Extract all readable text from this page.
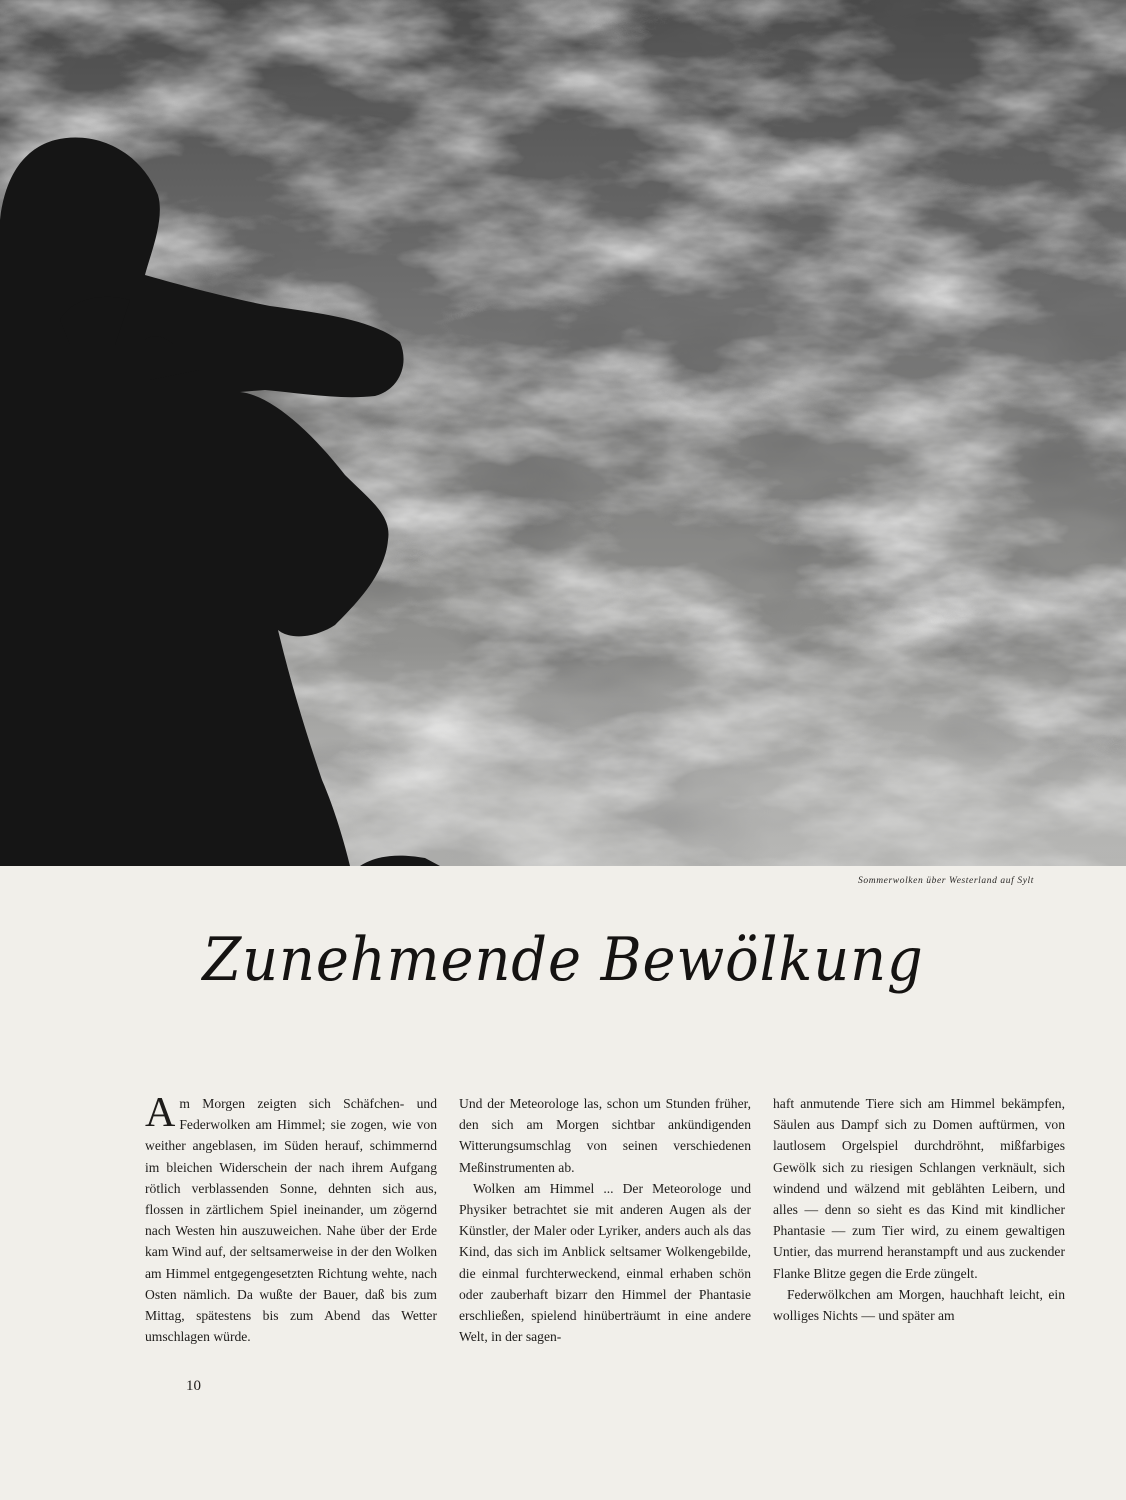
Sommerwolken über Westerland auf Sylt
Zunehmende Bewölkung

Am Morgen zeigten sich Schäfchen- und Federwolken am Himmel; sie zogen, wie von weither angeblasen, im Süden herauf, schimmernd im bleichen Widerschein der nach ihrem Aufgang rötlich verblassenden Sonne, dehnten sich aus, flossen in zärtlichem Spiel ineinander, um zögernd nach Westen hin auszuweichen. Nahe über der Erde kam Wind auf, der seltsamerweise in der den Wolken am Himmel entgegengesetzten Richtung wehte, nach Osten nämlich. Da wußte der Bauer, daß bis zum Mittag, spätestens bis zum Abend das Wetter umschlagen würde.

Und der Meteorologe las, schon um Stunden früher, den sich am Morgen sichtbar ankündigenden Witterungsumschlag von seinen verschiedenen Meßinstrumenten ab.

Wolken am Himmel ... Der Meteorologe und Physiker betrachtet sie mit anderen Augen als der Künstler, der Maler oder Lyriker, anders auch als das Kind, das sich im Anblick seltsamer Wolkengebilde, die einmal furchterweckend, einmal erhaben schön oder zauberhaft bizarr den Himmel der Phantasie erschließen, spielend hinüberträumt in eine andere Welt, in der sagen-

haft anmutende Tiere sich am Himmel bekämpfen, Säulen aus Dampf sich zu Domen auftürmen, von lautlosem Orgelspiel durchdröhnt, mißfarbiges Gewölk sich zu riesigen Schlangen verknäult, sich windend und wälzend mit geblähten Leibern, und alles — denn so sieht es das Kind mit kindlicher Phantasie — zum Tier wird, zu einem gewaltigen Untier, das murrend heranstampft und aus zuckender Flanke Blitze gegen die Erde züngelt.

Federwölkchen am Morgen, hauchhaft leicht, ein wolliges Nichts — und später am

10
